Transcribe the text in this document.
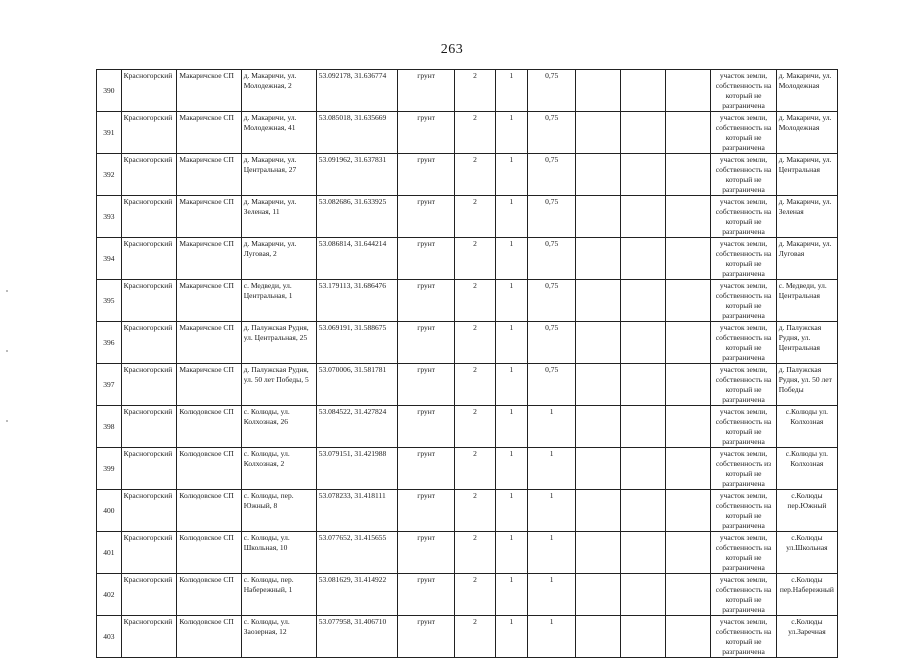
263
390	Красногорский	Макаричское СП	д. Макаричи, ул. Молодежная, 2	53.092178, 31.636774	грунт	2	1	0,75				участок земли, собственность на который не разграничена	д. Макаричи, ул. Молодежная
391	Красногорский	Макаричское СП	д. Макаричи, ул. Молодежная, 41	53.085018, 31.635669	грунт	2	1	0,75				участок земли, собственность на который не разграничена	д. Макаричи, ул. Молодежная
392	Красногорский	Макаричское СП	д. Макаричи, ул. Центральная, 27	53.091962, 31.637831	грунт	2	1	0,75				участок земли, собственность на который не разграничена	д. Макаричи, ул. Центральная
393	Красногорский	Макаричское СП	д. Макаричи, ул. Зеленая, 11	53.082686, 31.633925	грунт	2	1	0,75				участок земли, собственность на который не разграничена	д. Макаричи, ул. Зеленая
394	Красногорский	Макаричское СП	д. Макаричи, ул. Луговая, 2	53.086814, 31.644214	грунт	2	1	0,75				участок земли, собственность на который не разграничена	д. Макаричи, ул. Луговая
395	Красногорский	Макаричское СП	с. Медведи, ул. Центральная, 1	53.179113, 31.686476	грунт	2	1	0,75				участок земли, собственность на который не разграничена	с. Медведи, ул. Центральная
396	Красногорский	Макаричское СП	д. Палужская Рудня, ул. Центральная, 25	53.069191, 31.588675	грунт	2	1	0,75				участок земли, собственность на который не разграничена	д. Палужская Рудня, ул. Центральная
397	Красногорский	Макаричское СП	д. Палужская Рудня, ул. 50 лет Победы, 5	53.070006, 31.581781	грунт	2	1	0,75				участок земли, собственность на который не разграничена	д. Палужская Рудня, ул. 50 лет Победы
398	Красногорский	Колюдовское СП	с. Колюды, ул. Колхозная, 26	53.084522, 31.427824	грунт	2	1	1				участок земли, собственность на который не разграничена	с.Колюды ул. Колхозная
399	Красногорский	Колюдовское СП	с. Колюды, ул. Колхозная, 2	53.079151, 31.421988	грунт	2	1	1				участок земли, собственность из который не разграничена	с.Колюды ул. Колхозная
400	Красногорский	Колюдовское СП	с. Колюды, пер. Южный, 8	53.078233, 31.418111	грунт	2	1	1				участок земли, собственность на который не разграничена	с.Колюды пер.Южный
401	Красногорский	Колюдовское СП	с. Колюды, ул. Школьная, 10	53.077652, 31.415655	грунт	2	1	1				участок земли, собственность на который не разграничена	с.Колюды ул.Школьная
402	Красногорский	Колюдовское СП	с. Колюды, пер. Набережный, 1	53.081629, 31.414922	грунт	2	1	1				участок земли, собственность на который не разграничена	с.Колюды пер.Набережный
403	Красногорский	Колюдовское СП	с. Колюды, ул. Заозерная, 12	53.077958, 31.406710	грунт	2	1	1				участок земли, собственность на который не разграничена	с.Колюды ул.Заречная
